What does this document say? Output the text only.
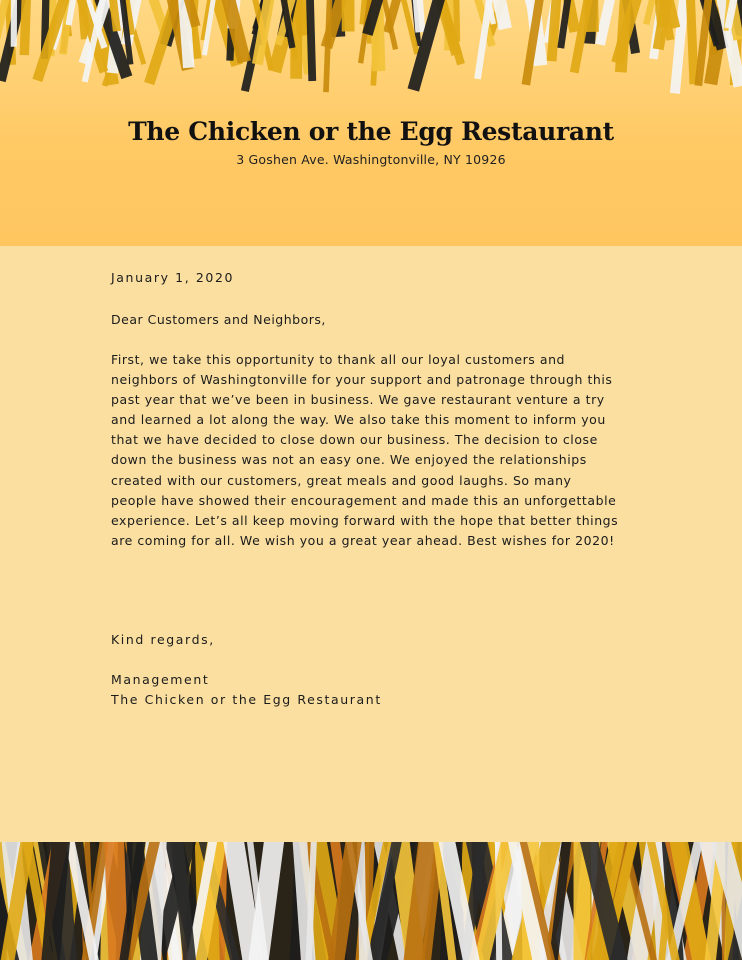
The Chicken or the Egg Restaurant
3 Goshen Ave. Washingtonville, NY 10926

January 1, 2020

Dear Customers and Neighbors,

First, we take this opportunity to thank all our loyal customers and
neighbors of Washingtonville for your support and patronage through this
past year that we’ve been in business. We gave restaurant venture a try
and learned a lot along the way. We also take this moment to inform you
that we have decided to close down our business. The decision to close
down the business was not an easy one. We enjoyed the relationships
created with our customers, great meals and good laughs. So many
people have showed their encouragement and made this an unforgettable
experience. Let’s all keep moving forward with the hope that better things
are coming for all. We wish you a great year ahead. Best wishes for 2020!
Kind regards,
Management
The Chicken or the Egg Restaurant
